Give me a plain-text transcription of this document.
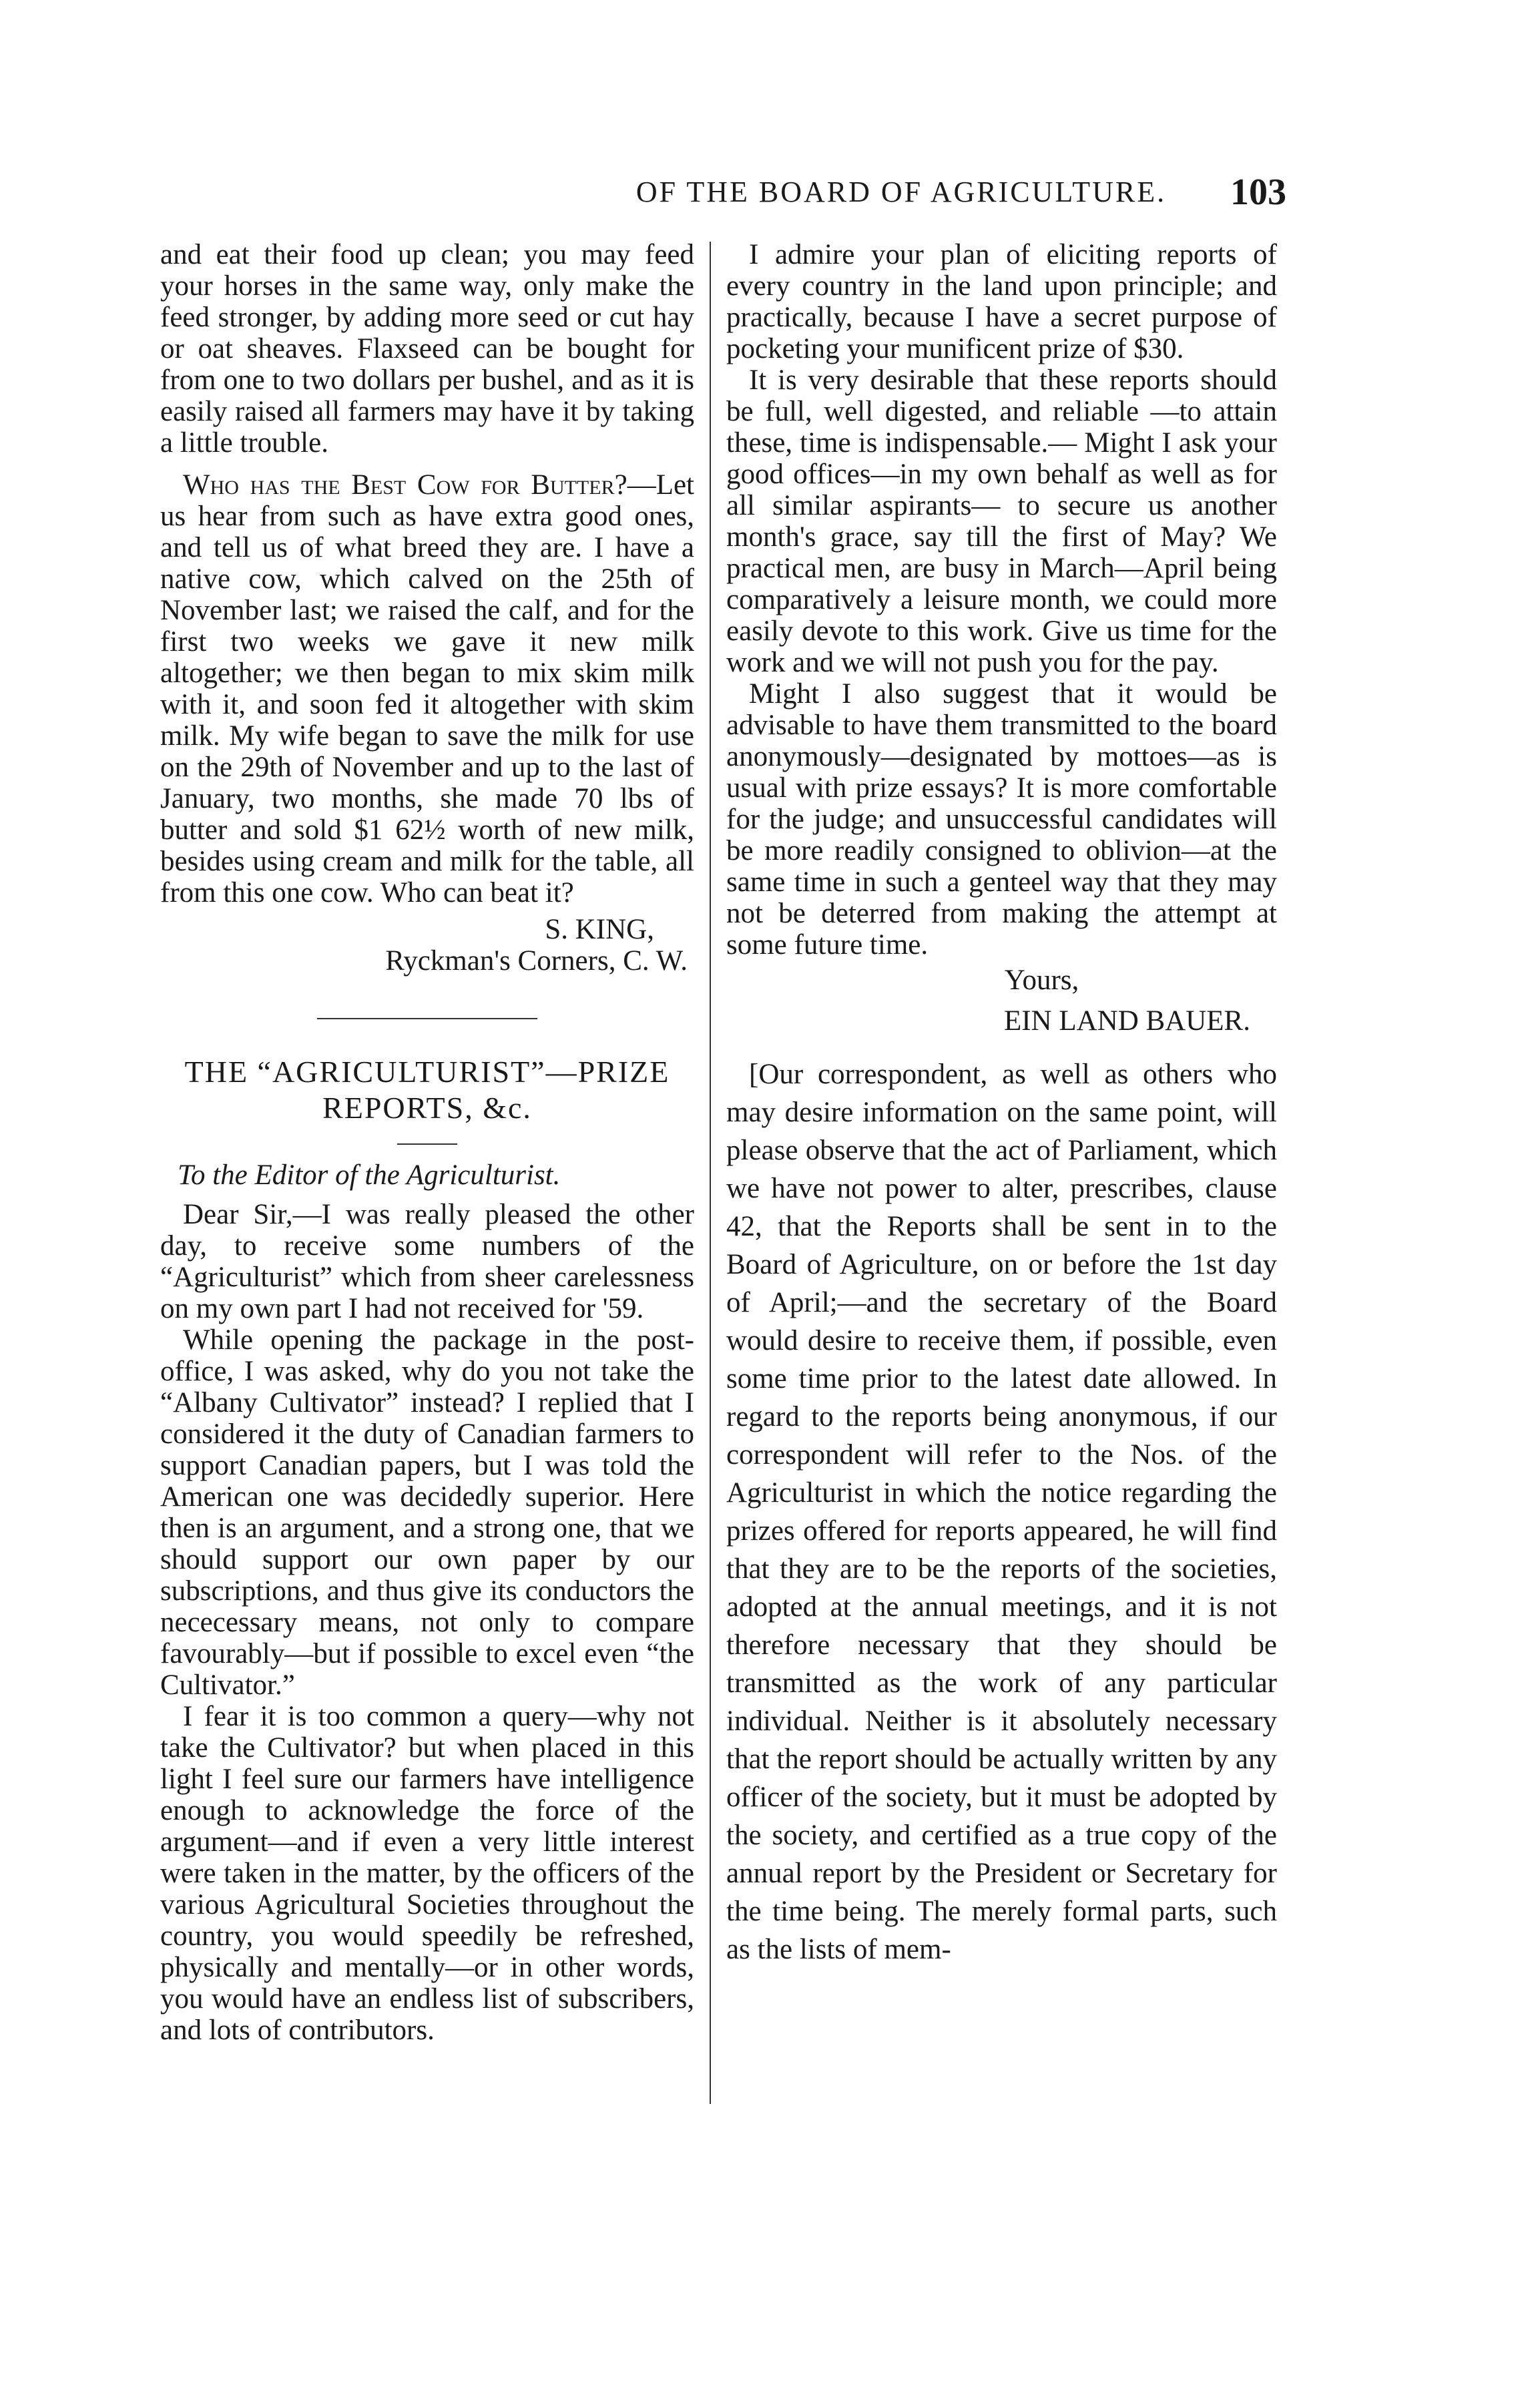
OF THE BOARD OF AGRICULTURE.	103

and eat their food up clean; you may feed your horses in the same way, only make the feed stronger, by adding more seed or cut hay or oat sheaves. Flaxseed can be bought for from one to two dollars per bushel, and as it is easily raised all farmers may have it by taking a little trouble.

Who has the Best Cow for Butter?—Let us hear from such as have extra good ones, and tell us of what breed they are. I have a native cow, which calved on the 25th of November last; we raised the calf, and for the first two weeks we gave it new milk altogether; we then began to mix skim milk with it, and soon fed it altogether with skim milk. My wife began to save the milk for use on the 29th of November and up to the last of January, two months, she made 70 lbs of butter and sold $1 62½ worth of new milk, besides using cream and milk for the table, all from this one cow. Who can beat it?

S. KING,

Ryckman's Corners, C. W.

THE “AGRICULTURIST”—PRIZE
REPORTS, &c.

To the Editor of the Agriculturist.

Dear Sir,—I was really pleased the other day, to receive some numbers of the “Agriculturist” which from sheer carelessness on my own part I had not received for '59.

While opening the package in the post-office, I was asked, why do you not take the “Albany Cultivator” instead? I replied that I considered it the duty of Canadian farmers to support Canadian papers, but I was told the American one was decidedly superior. Here then is an argument, and a strong one, that we should support our own paper by our subscriptions, and thus give its conductors the nececessary means, not only to compare favourably—but if possible to excel even “the Cultivator.”

I fear it is too common a query—why not take the Cultivator? but when placed in this light I feel sure our farmers have intelligence enough to acknowledge the force of the argument—and if even a very little interest were taken in the matter, by the officers of the various Agricultural Societies throughout the country, you would speedily be refreshed, physically and mentally—or in other words, you would have an endless list of subscribers, and lots of contributors.

I admire your plan of eliciting reports of every country in the land upon principle; and practically, because I have a secret purpose of pocketing your munificent prize of $30.

It is very desirable that these reports should be full, well digested, and reliable —to attain these, time is indispensable.— Might I ask your good offices—in my own behalf as well as for all similar aspirants— to secure us another month's grace, say till the first of May? We practical men, are busy in March—April being comparatively a leisure month, we could more easily devote to this work. Give us time for the work and we will not push you for the pay.

Might I also suggest that it would be advisable to have them transmitted to the board anonymously—designated by mottoes—as is usual with prize essays? It is more comfortable for the judge; and unsuccessful candidates will be more readily consigned to oblivion—at the same time in such a genteel way that they may not be deterred from making the attempt at some future time.

Yours,

EIN LAND BAUER.

[Our correspondent, as well as others who may desire information on the same point, will please observe that the act of Parliament, which we have not power to alter, prescribes, clause 42, that the Reports shall be sent in to the Board of Agriculture, on or before the 1st day of April;—and the secretary of the Board would desire to receive them, if possible, even some time prior to the latest date allowed. In regard to the reports being anonymous, if our correspondent will refer to the Nos. of the Agriculturist in which the notice regarding the prizes offered for reports appeared, he will find that they are to be the reports of the societies, adopted at the annual meetings, and it is not therefore necessary that they should be transmitted as the work of any particular individual. Neither is it absolutely necessary that the report should be actually written by any officer of the society, but it must be adopted by the society, and certified as a true copy of the annual report by the President or Secretary for the time being. The merely formal parts, such as the lists of mem-
